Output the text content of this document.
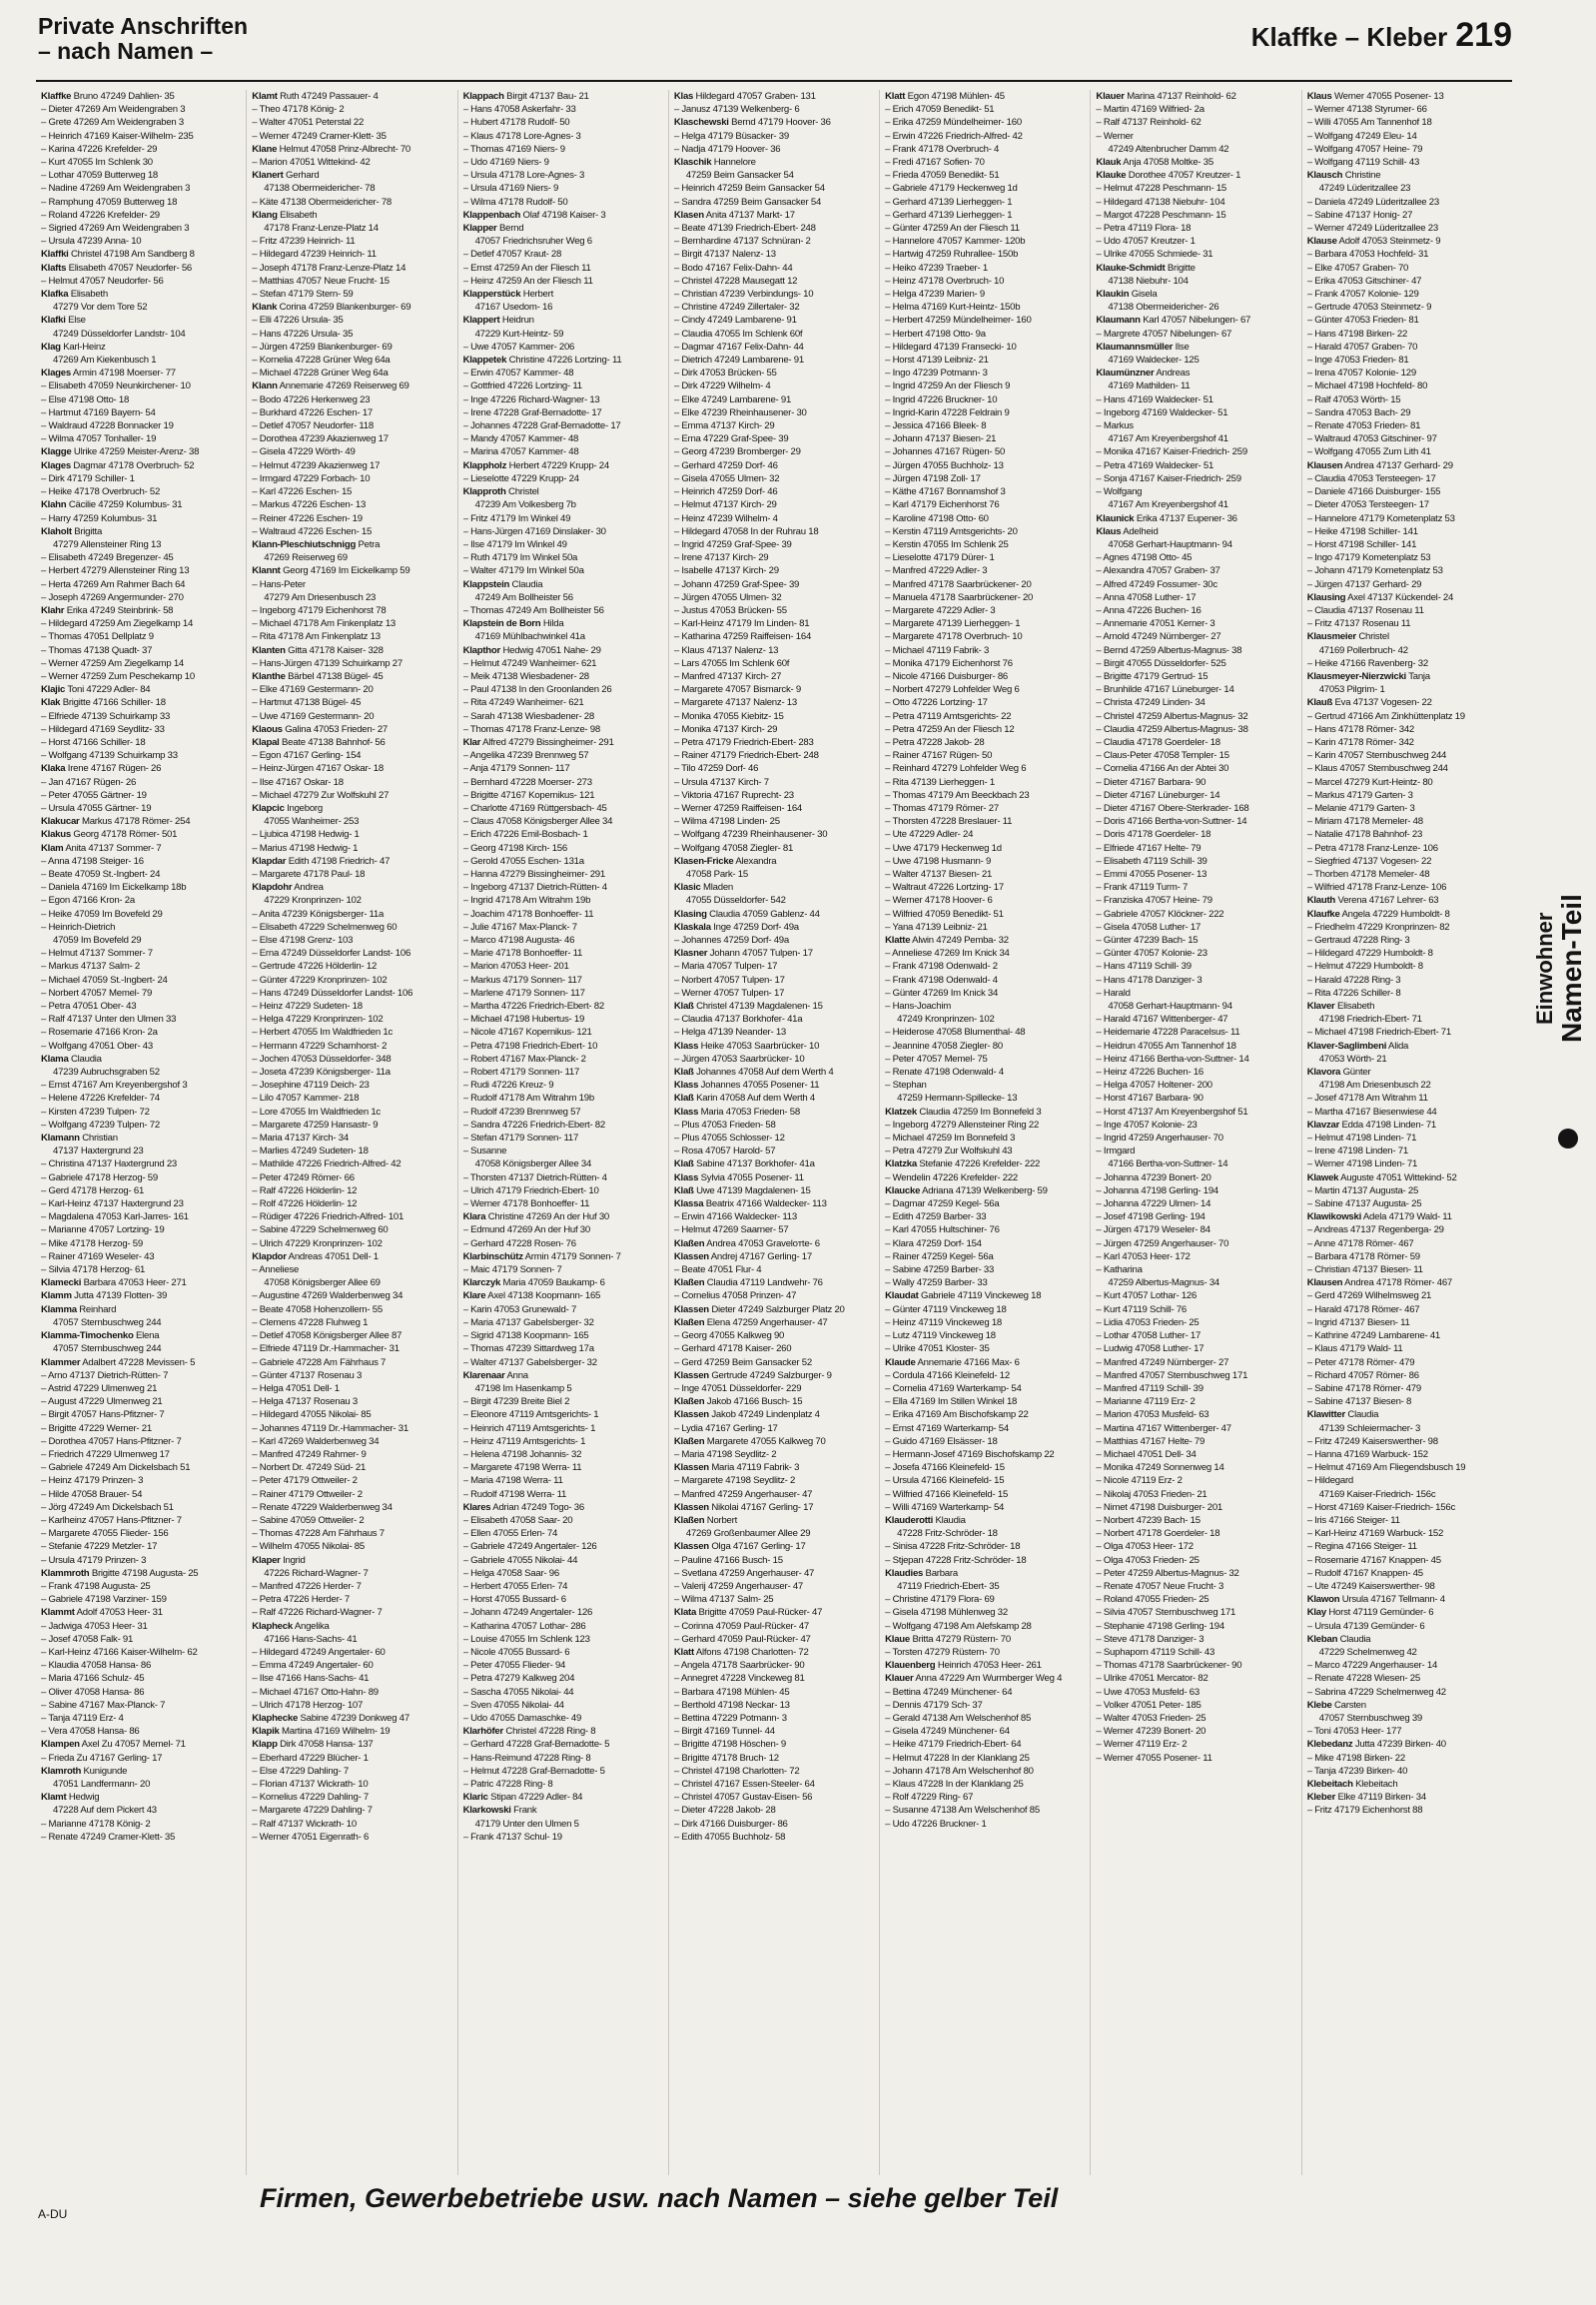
Private Anschriften
– nach Namen –	Klaffke – Kleber 219
Klaffke Bruno 47249 Dahlien- 35
– Dieter 47269 Am Weidengraben 3
– Grete 47269 Am Weidengraben 3
– Heinrich 47169 Kaiser-Wilhelm- 235
– Karina 47226 Krefelder- 29
– Kurt 47055 Im Schlenk 30
– Lothar 47059 Butterweg 18
– Nadine 47269 Am Weidengraben 3
– Ramphung 47059 Butterweg 18
– Roland 47226 Krefelder- 29
– Sigried 47269 Am Weidengraben 3
– Ursula 47239 Anna- 10
Klaffki Christel 47198 Am Sandberg 8
Klafts Elisabeth 47057 Neudorfer- 56
– Helmut 47057 Neudorfer- 56
Klafka Elisabeth
47279 Vor dem Tore 52
Klafki Else
47249 Düsseldorfer Landstr- 104
Klag Karl-Heinz
47269 Am Kiekenbusch 1
Klages Armin 47198 Moerser- 77
– Elisabeth 47059 Neunkirchener- 10
– Else 47198 Otto- 18
– Hartmut 47169 Bayern- 54
– Waldraud 47228 Bonnacker 19
– Wilma 47057 Tonhaller- 19
Klagge Ulrike 47259 Meister-Arenz- 38
Klages Dagmar 47178 Overbruch- 52
– Dirk 47179 Schiller- 1
– Heike 47178 Overbruch- 52
Klahn Cäcilie 47259 Kolumbus- 31
– Harry 47259 Kolumbus- 31
Klaholt Brigitta
47279 Allensteiner Ring 13
– Elisabeth 47249 Bregenzer- 45
– Herbert 47279 Allensteiner Ring 13
– Herta 47269 Am Rahmer Bach 64
– Joseph 47269 Angermunder- 270
Klahr Erika 47249 Steinbrink- 58
– Hildegard 47259 Am Ziegelkamp 14
– Thomas 47051 Dellplatz 9
– Thomas 47138 Quadt- 37
– Werner 47259 Am Ziegelkamp 14
– Werner 47259 Zum Peschekamp 10
Klajic Toni 47229 Adler- 84
Klak Brigitte 47166 Schiller- 18
– Elfriede 47139 Schuirkamp 33
– Hildegard 47169 Seydlitz- 33
– Horst 47166 Schiller- 18
– Wolfgang 47139 Schuirkamp 33
Klaka Irene 47167 Rügen- 26
– Jan 47167 Rügen- 26
– Peter 47055 Gärtner- 19
– Ursula 47055 Gärtner- 19
Klakucar Markus 47178 Römer- 254
Klakus Georg 47178 Römer- 501
Klam Anita 47137 Sommer- 7
– Anna 47198 Steiger- 16
– Beate 47059 St.-Ingbert- 24
– Daniela 47169 Im Eickelkamp 18b
– Egon 47166 Kron- 2a
– Heike 47059 Im Bovefeld 29
– Heinrich-Dietrich
47059 Im Bovefeld 29
– Helmut 47137 Sommer- 7
– Markus 47137 Salm- 2
– Michael 47059 St.-Ingbert- 24
– Norbert 47057 Memel- 79
– Petra 47051 Ober- 43
– Ralf 47137 Unter den Ulmen 33
– Rosemarie 47166 Kron- 2a
– Wolfgang 47051 Ober- 43
Klama Claudia
47239 Aubruchsgraben 52
– Ernst 47167 Am Kreyenbergshof 3
– Helene 47226 Krefelder- 74
– Kirsten 47239 Tulpen- 72
– Wolfgang 47239 Tulpen- 72
Klamann Christian
47137 Haxtergrund 23
– Christina 47137 Haxtergrund 23
– Gabriele 47178 Herzog- 59
– Gerd 47178 Herzog- 61
– Karl-Heinz 47137 Haxtergrund 23
– Magdalena 47053 Karl-Jarres- 161
– Marianne 47057 Lortzing- 19
– Mike 47178 Herzog- 59
– Rainer 47169 Weseler- 43
– Silvia 47178 Herzog- 61
Klamecki Barbara 47053 Heer- 271
Klamm Jutta 47139 Flotten- 39
Klamma Reinhard
47057 Sternbuschweg 244
Klamma-Timochenko Elena
47057 Sternbuschweg 244
Klammer Adalbert 47228 Mevissen- 5
– Arno 47137 Dietrich-Rütten- 7
– Astrid 47229 Ulmenweg 21
– August 47229 Ulmenweg 21
– Birgit 47057 Hans-Pfitzner- 7
– Brigitte 47229 Werner- 21
– Dorothea 47057 Hans-Pfitzner- 7
– Friedrich 47229 Ulmenweg 17
– Gabriele 47249 Am Dickelsbach 51
– Heinz 47179 Prinzen- 3
– Hilde 47058 Brauer- 54
– Jörg 47249 Am Dickelsbach 51
– Karlheinz 47057 Hans-Pfitzner- 7
– Margarete 47055 Flieder- 156
– Stefanie 47229 Metzler- 17
– Ursula 47179 Prinzen- 3
Klammroth Brigitte 47198 Augusta- 25
– Frank 47198 Augusta- 25
– Gabriele 47198 Varziner- 159
Klammt Adolf 47053 Heer- 31
– Jadwiga 47053 Heer- 31
– Josef 47058 Falk- 91
– Karl-Heinz 47166 Kaiser-Wilhelm- 62
– Klaudia 47058 Hansa- 86
– Maria 47166 Schulz- 45
– Oliver 47058 Hansa- 86
– Sabine 47167 Max-Planck- 7
– Tanja 47119 Erz- 4
– Vera 47058 Hansa- 86
Klampen Axel Zu 47057 Memel- 71
– Frieda Zu 47167 Gerling- 17
Klamroth Kunigunde
47051 Landfermann- 20
Klamt Hedwig
47228 Auf dem Pickert 43
– Marianne 47178 König- 2
– Renate 47249 Cramer-Klett- 35
Klamt Ruth 47249 Passauer- 4
– Theo 47178 König- 2
– Walter 47051 Peterstal 22
– Werner 47249 Cramer-Klett- 35
Klane Helmut 47058 Prinz-Albrecht- 70
– Marion 47051 Wittekind- 42
Klanert Gerhard
47138 Obermeidericher- 78
– Käte 47138 Obermeidericher- 78
Klang Elisabeth
47178 Franz-Lenze-Platz 14
– Fritz 47239 Heinrich- 11
– Hildegard 47239 Heinrich- 11
– Joseph 47178 Franz-Lenze-Platz 14
– Matthias 47057 Neue Frucht- 15
– Stefan 47179 Stern- 59
Klank Corina 47259 Blankenburger- 69
– Elli 47226 Ursula- 35
– Hans 47226 Ursula- 35
– Jürgen 47259 Blankenburger- 69
– Kornelia 47228 Grüner Weg 64a
– Michael 47228 Grüner Weg 64a
Klann Annemarie 47269 Reiserweg 69
– Bodo 47226 Herkenweg 23
– Burkhard 47226 Eschen- 17
– Detlef 47057 Neudorfer- 118
– Dorothea 47239 Akazienweg 17
– Gisela 47229 Wörth- 49
– Helmut 47239 Akazienweg 17
– Irmgard 47229 Forbach- 10
– Karl 47226 Eschen- 15
– Markus 47226 Eschen- 13
– Reiner 47226 Eschen- 19
– Waltraud 47226 Eschen- 15
Klann-Pleschiutschnigg Petra
47269 Reiserweg 69
Klannt Georg 47169 Im Eickelkamp 59
– Hans-Peter
47279 Am Driesenbusch 23
– Ingeborg 47179 Eichenhorst 78
– Michael 47178 Am Finkenplatz 13
– Rita 47178 Am Finkenplatz 13
Klanten Gitta 47178 Kaiser- 328
– Hans-Jürgen 47139 Schuirkamp 27
Klanthe Bärbel 47138 Bügel- 45
– Elke 47169 Gestermann- 20
– Hartmut 47138 Bügel- 45
– Uwe 47169 Gestermann- 20
Klaous Galina 47053 Frieden- 27
Klapal Beate 47138 Bahnhof- 56
– Egon 47167 Gerling- 154
– Heinz-Jürgen 47167 Oskar- 18
– Ilse 47167 Oskar- 18
– Michael 47279 Zur Wolfskuhl 27
Klapcic Ingeborg
47055 Wanheimer- 253
– Ljubica 47198 Hedwig- 1
– Marius 47198 Hedwig- 1
Klapdar Edith 47198 Friedrich- 47
– Margarete 47178 Paul- 18
Klapdohr Andrea
47229 Kronprinzen- 102
– Anita 47239 Königsberger- 11a
– Elisabeth 47229 Schelmenweg 60
– Else 47198 Grenz- 103
– Erna 47249 Düsseldorfer Landst- 106
– Gertrude 47226 Hölderlin- 12
– Günter 47229 Kronprinzen- 102
– Hans 47249 Düsseldorfer Landst- 106
– Heinz 47229 Sudeten- 18
– Helga 47229 Kronprinzen- 102
– Herbert 47055 Im Waldfrieden 1c
– Hermann 47229 Scharnhorst- 2
– Jochen 47053 Düsseldorfer- 348
– Joseta 47239 Königsberger- 11a
– Josephine 47119 Deich- 23
– Lilo 47057 Kammer- 218
– Lore 47055 Im Waldfrieden 1c
– Margarete 47259 Hansastr- 9
– Maria 47137 Kirch- 34
– Marlies 47249 Sudeten- 18
– Mathilde 47226 Friedrich-Alfred- 42
– Peter 47249 Römer- 66
– Ralf 47226 Hölderlin- 12
– Rolf 47226 Hölderlin- 12
– Rüdiger 47226 Friedrich-Alfred- 101
– Sabine 47229 Schelmenweg 60
– Ulrich 47229 Kronprinzen- 102
Klapdor Andreas 47051 Dell- 1
– Anneliese
47058 Königsberger Allee 69
– Augustine 47269 Walderbenweg 34
– Beate 47058 Hohenzollern- 55
– Clemens 47228 Fluhweg 1
– Detlef 47058 Königsberger Allee 87
– Elfriede 47119 Dr.-Hammacher- 31
– Gabriele 47228 Am Fährhaus 7
– Günter 47137 Rosenau 3
– Helga 47051 Dell- 1
– Helga 47137 Rosenau 3
– Hildegard 47055 Nikolai- 85
– Johannes 47119 Dr.-Hammacher- 31
– Karl 47269 Walderbenweg 34
– Manfred 47249 Rahmer- 9
– Norbert Dr. 47249 Süd- 21
– Peter 47179 Ottweiler- 2
– Rainer 47179 Ottweiler- 2
– Renate 47229 Walderbenweg 34
– Sabine 47059 Ottweiler- 2
– Thomas 47228 Am Fährhaus 7
– Wilhelm 47055 Nikolai- 85
Klaper Ingrid
47226 Richard-Wagner- 7
– Manfred 47226 Herder- 7
– Petra 47226 Herder- 7
– Ralf 47226 Richard-Wagner- 7
Klapheck Angelika
47166 Hans-Sachs- 41
– Hildegard 47249 Angertaler- 60
– Emma 47249 Angertaler- 60
– Ilse 47166 Hans-Sachs- 41
– Michael 47167 Otto-Hahn- 89
– Ulrich 47178 Herzog- 107
Klapheckе Sabine 47239 Donkweg 47
Klapik Martina 47169 Wilhelm- 19
Klapp Dirk 47058 Hansa- 137
– Eberhard 47229 Blücher- 1
– Else 47229 Dahling- 7
– Florian 47137 Wickrath- 10
– Kornelius 47229 Dahling- 7
– Margarete 47229 Dahling- 7
– Ralf 47137 Wickrath- 10
– Werner 47051 Eigenrath- 6
Klappach Birgit 47137 Bau- 21
– Hans 47058 Askerfahr- 33
– Hubert 47178 Rudolf- 50
– Klaus 47178 Lore-Agnes- 3
– Thomas 47169 Niers- 9
– Udo 47169 Niers- 9
– Ursula 47178 Lore-Agnes- 3
– Ursula 47169 Niers- 9
– Wilma 47178 Rudolf- 50
Klappenbach Olaf 47198 Kaiser- 3
Klapper Bernd
47057 Friedrichsruher Weg 6
– Detlef 47057 Kraut- 28
– Ernst 47259 An der Fliesch 11
– Heinz 47259 An der Fliesch 11
Klapperstück Herbert
47167 Usedom- 16
Klappert Heidrun
47229 Kurt-Heintz- 59
– Uwe 47057 Kammer- 206
Klappetek Christine 47226 Lortzing- 11
– Erwin 47057 Kammer- 48
– Gottfried 47226 Lortzing- 11
– Inge 47226 Richard-Wagner- 13
– Irene 47228 Graf-Bernadotte- 17
– Johannes 47228 Graf-Bernadotte- 17
– Mandy 47057 Kammer- 48
– Marina 47057 Kammer- 48
Klappholz Herbert 47229 Krupp- 24
– Lieselotte 47229 Krupp- 24
Klapproth Christel
47239 Am Volkesberg 7b
– Fritz 47179 Im Winkel 49
– Hans-Jürgen 47169 Dinslaker- 30
– Ilse 47179 Im Winkel 49
– Ruth 47179 Im Winkel 50a
– Walter 47179 Im Winkel 50a
Klappstein Claudia
47249 Am Bollheister 56
– Thomas 47249 Am Bollheister 56
Klapstein de Born Hilda
47169 Mühlbachwinkel 41a
Klapthor Hedwig 47051 Nahe- 29
– Helmut 47249 Wanheimer- 621
– Meik 47138 Wiesbadener- 28
– Paul 47138 In den Groonlanden 26
– Rita 47249 Wanheimer- 621
– Sarah 47138 Wiesbadener- 28
– Thomas 47178 Franz-Lenze- 98
Klar Alfred 47279 Bissingheimer- 291
– Angelika 47239 Brennweg 57
– Anja 47179 Sonnen- 117
– Bernhard 47228 Moerser- 273
– Brigitte 47167 Kopernikus- 121
– Charlotte 47169 Rüttgersbach- 45
– Claus 47058 Königsberger Allee 34
– Erich 47226 Emil-Bosbach- 1
– Georg 47198 Kirch- 156
– Gerold 47055 Eschen- 131a
– Hanna 47279 Bissingheimer- 291
– Ingeborg 47137 Dietrich-Rütten- 4
– Ingrid 47178 Am Witrahm 19b
– Joachim 47178 Bonhoeffer- 11
– Julie 47167 Max-Planck- 7
– Marco 47198 Augusta- 46
– Marie 47178 Bonhoeffer- 11
– Marion 47053 Heer- 201
– Markus 47179 Sonnen- 117
– Marlene 47179 Sonnen- 117
– Martha 47226 Friedrich-Ebert- 82
– Michael 47198 Hubertus- 19
– Nicole 47167 Kopernikus- 121
– Petra 47198 Friedrich-Ebert- 10
– Robert 47167 Max-Planck- 2
– Robert 47179 Sonnen- 117
– Rudi 47226 Kreuz- 9
– Rudolf 47178 Am Witrahm 19b
– Rudolf 47239 Brennweg 57
– Sandra 47226 Friedrich-Ebert- 82
– Stefan 47179 Sonnen- 117
– Susanne
47058 Königsberger Allee 34
– Thorsten 47137 Dietrich-Rütten- 4
– Ulrich 47179 Friedrich-Ebert- 10
– Werner 47178 Bonhoeffer- 11
Klara Christine 47269 An der Huf 30
– Edmund 47269 An der Huf 30
– Gerhard 47228 Rosen- 76
Klarbinschütz Armin 47179 Sonnen- 7
– Maic 47179 Sonnen- 7
Klarczyk Maria 47059 Baukamp- 6
Klare Axel 47138 Koopmann- 165
– Karin 47053 Grunewald- 7
– Maria 47137 Gabelsberger- 32
– Sigrid 47138 Koopmann- 165
– Thomas 47239 Sittardweg 17a
– Walter 47137 Gabelsberger- 32
Klarenaar Anna
47198 Im Hasenkamp 5
– Birgit 47239 Breite Biel 2
– Eleonore 47119 Amtsgerichts- 1
– Heinrich 47119 Amtsgerichts- 1
– Heinz 47119 Amtsgerichts- 1
– Helena 47198 Johannis- 32
– Margarete 47198 Werra- 11
– Maria 47198 Werra- 11
– Rudolf 47198 Werra- 11
Klares Adrian 47249 Togo- 36
– Elisabeth 47058 Saar- 20
– Ellen 47055 Erlen- 74
– Gabriele 47249 Angertaler- 126
– Gabriele 47055 Nikolai- 44
– Helga 47058 Saar- 96
– Herbert 47055 Erlen- 74
– Horst 47055 Bussard- 6
– Johann 47249 Angertaler- 126
– Katharina 47057 Lothar- 286
– Louise 47055 Im Schlenk 123
– Nicole 47055 Bussard- 6
– Peter 47055 Flieder- 94
– Petra 47279 Kalkweg 204
– Sascha 47055 Nikolai- 44
– Sven 47055 Nikolai- 44
– Udo 47055 Damaschke- 49
Klarhöfer Christel 47228 Ring- 8
– Gerhard 47228 Graf-Bernadotte- 5
– Hans-Reimund 47228 Ring- 8
– Helmut 47228 Graf-Bernadotte- 5
– Patric 47228 Ring- 8
Klaric Stipan 47229 Adler- 84
Klarkowski Frank
47179 Unter den Ulmen 5
– Frank 47137 Schul- 19
Klas Hildegard 47057 Graben- 131
– Janusz 47139 Welkenberg- 6
Klaschewski Bernd 47179 Hoover- 36
– Helga 47179 Büsacker- 39
– Nadja 47179 Hoover- 36
Klaschik Hannelore
47259 Beim Gansacker 54
– Heinrich 47259 Beim Gansacker 54
– Sandra 47259 Beim Gansacker 54
Klasen Anita 47137 Markt- 17
– Beate 47139 Friedrich-Ebert- 248
– Bernhardine 47137 Schnüran- 2
– Birgit 47137 Nalenz- 13
– Bodo 47167 Felix-Dahn- 44
– Christel 47228 Mausegatt 12
– Christian 47239 Verbindungs- 10
– Christine 47249 Zillertaler- 32
– Cindy 47249 Lambarene- 91
– Claudia 47055 Im Schlenk 60f
– Dagmar 47167 Felix-Dahn- 44
– Dietrich 47249 Lambarene- 91
– Dirk 47053 Brücken- 55
– Dirk 47229 Wilhelm- 4
– Elke 47249 Lambarene- 91
– Elke 47239 Rheinhausener- 30
– Emma 47137 Kirch- 29
– Erna 47229 Graf-Spee- 39
– Georg 47239 Bromberger- 29
– Gerhard 47259 Dorf- 46
– Gisela 47055 Ulmen- 32
– Heinrich 47259 Dorf- 46
– Helmut 47137 Kirch- 29
– Heinz 47239 Wilhelm- 4
– Hildegard 47058 In der Ruhrau 18
– Ingrid 47259 Graf-Spee- 39
– Irene 47137 Kirch- 29
– Isabelle 47137 Kirch- 29
– Johann 47259 Graf-Spee- 39
– Jürgen 47055 Ulmen- 32
– Justus 47053 Brücken- 55
– Karl-Heinz 47179 Im Linden- 81
– Katharina 47259 Raiffeisen- 164
– Klaus 47137 Nalenz- 13
– Lars 47055 Im Schlenk 60f
– Manfred 47137 Kirch- 27
– Margarete 47057 Bismarck- 9
– Margarete 47137 Nalenz- 13
– Monika 47055 Kiebitz- 15
– Monika 47137 Kirch- 29
– Petra 47179 Friedrich-Ebert- 283
– Rainer 47179 Friedrich-Ebert- 248
– Tilo 47259 Dorf- 46
– Ursula 47137 Kirch- 7
– Viktoria 47167 Ruprecht- 23
– Werner 47259 Raiffeisen- 164
– Wilma 47198 Linden- 25
– Wolfgang 47239 Rheinhausener- 30
– Wolfgang 47058 Ziegler- 81
Klasen-Fricke Alexandra
47058 Park- 15
Klasic Mladen
47055 Düsseldorfer- 542
Klasing Claudia 47059 Gablenz- 44
Klaskala Inge 47259 Dorf- 49a
– Johannes 47259 Dorf- 49a
Klasner Johann 47057 Tulpen- 17
– Maria 47057 Tulpen- 17
– Norbert 47057 Tulpen- 17
– Werner 47057 Tulpen- 17
Klaß Christel 47139 Magdalenen- 15
– Claudia 47137 Borkhofer- 41a
– Helga 47139 Neander- 13
Klass Heike 47053 Saarbrücker- 10
– Jürgen 47053 Saarbrücker- 10
Klaß Johannes 47058 Auf dem Werth 4
Klass Johannes 47055 Posener- 11
Klaß Karin 47058 Auf dem Werth 4
Klass Maria 47053 Frieden- 58
– Plus 47053 Frieden- 58
– Plus 47055 Schlosser- 12
– Rosa 47057 Harold- 57
Klaß Sabine 47137 Borkhofer- 41a
Klass Sylvia 47055 Posener- 11
Klaß Uwe 47139 Magdalenen- 15
Klassa Beatrix 47166 Waldecker- 113
– Erwin 47166 Waldecker- 113
– Helmut 47269 Saarner- 57
Klaßen Andrea 47053 Graveloтte- 6
Klassen Andrej 47167 Gerling- 17
– Beate 47051 Flur- 4
Klaßen Claudia 47119 Landwehr- 76
– Cornelius 47058 Prinzen- 47
Klassen Dieter 47249 Salzburger Platz 20
Klaßen Elena 47259 Angerhauser- 47
– Georg 47055 Kalkweg 90
– Gerhard 47178 Kaiser- 260
– Gerd 47259 Beim Gansacker 52
Klassen Gertrude 47249 Salzburger- 9
– Inge 47051 Düsseldorfer- 229
Klaßen Jakob 47166 Busch- 15
Klassen Jakob 47249 Lindenplatz 4
– Lydia 47167 Gerling- 17
Klaßen Margarete 47055 Kalkweg 70
– Maria 47198 Seydlitz- 2
Klassen Maria 47119 Fabrik- 3
– Margarete 47198 Seydlitz- 2
– Manfred 47259 Angerhauser- 47
Klassen Nikolai 47167 Gerling- 17
Klaßen Norbert
47269 Großenbaumer Allee 29
Klassen Olga 47167 Gerling- 17
– Pauline 47166 Busch- 15
– Svetlana 47259 Angerhauser- 47
– Valerij 47259 Angerhauser- 47
– Wilma 47137 Salm- 25
Klata Brigitte 47059 Paul-Rücker- 47
– Corinna 47059 Paul-Rücker- 47
– Gerhard 47059 Paul-Rücker- 47
Klatt Alfons 47198 Charlotten- 72
– Angela 47178 Saarbrücker- 90
– Annegret 47228 Vinckeweg 81
– Barbara 47198 Mühlen- 45
– Berthold 47198 Neckar- 13
– Bettina 47229 Potmann- 3
– Birgit 47169 Tunnel- 44
– Brigitte 47198 Höschen- 9
– Brigitte 47178 Bruch- 12
– Christel 47198 Charlotten- 72
– Christel 47167 Essen-Steeler- 64
– Christel 47057 Gustav-Eisen- 56
– Dieter 47228 Jakob- 28
– Dirk 47166 Duisburger- 86
– Edith 47055 Buchholz- 58
Klatt Egon 47198 Mühlen- 45
– Erich 47059 Benedikt- 51
– Erika 47259 Mündelheimer- 160
– Erwin 47226 Friedrich-Alfred- 42
– Frank 47178 Overbruch- 4
– Fredi 47167 Sofien- 70
– Frieda 47059 Benedikt- 51
– Gabriele 47179 Heckenweg 1d
– Gerhard 47139 Lierheggen- 1
– Gerhard 47139 Lierheggen- 1
– Günter 47259 An der Fliesch 11
– Hannelore 47057 Kammer- 120b
– Hartwig 47259 Ruhrallee- 150b
– Heiko 47239 Traeber- 1
– Heinz 47178 Overbruch- 10
– Helga 47239 Marien- 9
– Helma 47169 Kurt-Heintz- 150b
– Herbert 47259 Mündelheimer- 160
– Herbert 47198 Otto- 9a
– Hildegard 47139 Fransecki- 10
– Horst 47139 Leibniz- 21
– Ingo 47239 Potmann- 3
– Ingrid 47259 An der Fliesch 9
– Ingrid 47226 Bruckner- 10
– Ingrid-Karin 47228 Feldrain 9
– Jessica 47166 Bleek- 8
– Johann 47137 Biesen- 21
– Johannes 47167 Rügen- 50
– Jürgen 47055 Buchholz- 13
– Jürgen 47198 Zoll- 17
– Käthe 47167 Bonnamshof 3
– Karl 47179 Eichenhorst 76
– Karoline 47198 Otto- 60
– Kerstin 47119 Amtsgerichts- 20
– Kerstin 47055 Im Schlenk 25
– Lieselotte 47179 Dürer- 1
– Manfred 47229 Adler- 3
– Manfred 47178 Saarbrückener- 20
– Manuela 47178 Saarbrückener- 20
– Margarete 47229 Adler- 3
– Margarete 47139 Lierheggen- 1
– Margarete 47178 Overbruch- 10
– Michael 47119 Fabrik- 3
– Monika 47179 Eichenhorst 76
– Nicole 47166 Duisburger- 86
– Norbert 47279 Lohfelder Weg 6
– Otto 47226 Lortzing- 17
– Petra 47119 Amtsgerichts- 22
– Petra 47259 An der Fliesch 12
– Petra 47228 Jakob- 28
– Rainer 47167 Rügen- 50
– Reinhard 47279 Lohfelder Weg 6
– Rita 47139 Lierheggen- 1
– Thomas 47179 Am Beeckbach 23
– Thomas 47179 Römer- 27
– Thorsten 47228 Breslauer- 11
– Ute 47229 Adler- 24
– Uwe 47179 Heckenweg 1d
– Uwe 47198 Husmann- 9
– Walter 47137 Biesen- 21
– Waltraut 47226 Lortzing- 17
– Werner 47178 Hoover- 6
– Wilfried 47059 Benedikt- 51
– Yana 47139 Leibniz- 21
Klatte Alwin 47249 Pemba- 32
– Anneliese 47269 Im Knick 34
– Frank 47198 Odenwald- 2
– Frank 47198 Odenwald- 4
– Günter 47269 Im Knick 34
– Hans-Joachim
47249 Kronprinzen- 102
– Heiderose 47058 Blumenthal- 48
– Jeannine 47058 Ziegler- 80
– Peter 47057 Memel- 75
– Renate 47198 Odenwald- 4
– Stephan
47259 Hermann-Spillecke- 13
Klatzek Claudia 47259 Im Bonnefeld 3
– Ingeborg 47279 Allensteiner Ring 22
– Michael 47259 Im Bonnefeld 3
– Petra 47279 Zur Wolfskuhl 43
Klatzka Stefanie 47226 Krefelder- 222
– Wendelin 47226 Krefelder- 222
Klaucke Adriana 47139 Welkenberg- 59
– Dagmar 47259 Kegel- 56a
– Edith 47259 Barber- 33
– Karl 47055 Hultschiner- 76
– Klara 47259 Dorf- 154
– Rainer 47259 Kegel- 56a
– Sabine 47259 Barber- 33
– Wally 47259 Barber- 33
Klaudat Gabriele 47119 Vinckeweg 18
– Günter 47119 Vinckeweg 18
– Heinz 47119 Vinckeweg 18
– Lutz 47119 Vinckeweg 18
– Ulrike 47051 Kloster- 35
Klaude Annemarie 47166 Max- 6
– Cordula 47166 Kleinefeld- 12
– Cornelia 47169 Warterkamp- 54
– Ella 47169 Im Stillen Winkel 18
– Erika 47169 Am Bischofskamp 22
– Ernst 47169 Warterkamp- 54
– Guido 47169 Elsässer- 18
– Hermann-Josef 47169 Bischofskamp 22
– Josefa 47166 Kleinefeld- 15
– Ursula 47166 Kleinefeld- 15
– Wilfried 47166 Kleinefeld- 15
– Willi 47169 Warterkamp- 54
Klauderotti Klaudia
47228 Fritz-Schröder- 18
– Sinisa 47228 Fritz-Schröder- 18
– Stjepan 47228 Fritz-Schröder- 18
Klaudies Barbara
47119 Friedrich-Ebert- 35
– Christine 47179 Flora- 69
– Gisela 47198 Mühlenweg 32
– Wolfgang 47198 Am Alefskamp 28
Klaue Britta 47279 Rüstern- 70
– Torsten 47279 Rüstern- 70
Klauenberg Heinrich 47053 Heer- 261
Klauer Anna 47229 Am Wurmberger Weg 4
– Bettina 47249 Münchener- 64
– Dennis 47179 Sch- 37
– Gerald 47138 Am Welschenhof 85
– Gisela 47249 Münchener- 64
– Heike 47179 Friedrich-Ebert- 64
– Helmut 47228 In der Klanklang 25
– Johann 47178 Am Welschenhof 80
– Klaus 47228 In der Klanklang 25
– Rolf 47229 Ring- 67
– Susanne 47138 Am Welschenhof 85
– Udo 47226 Bruckner- 1
Klauer Marina 47137 Reinhold- 62
– Martin 47169 Wilfried- 2a
– Ralf 47137 Reinhold- 62
– Werner
47249 Altenbrucher Damm 42
Klauk Anja 47058 Moltke- 35
Klauke Dorothee 47057 Kreutzer- 1
– Helmut 47228 Peschmann- 15
– Hildegard 47138 Niebuhr- 104
– Margot 47228 Peschmann- 15
– Petra 47119 Flora- 18
– Udo 47057 Kreutzer- 1
– Ulrike 47055 Schmiede- 31
Klauke-Schmidt Brigitte
47138 Niebuhr- 104
Klaukin Gisela
47138 Obermeidericher- 26
Klaumann Karl 47057 Nibelungen- 67
– Margrete 47057 Nibelungen- 67
Klaumannsmüller Ilse
47169 Waldecker- 125
Klaumünzner Andreas
47169 Mathilden- 11
– Hans 47169 Waldecker- 51
– Ingeborg 47169 Waldecker- 51
– Markus
47167 Am Kreyenbergshof 41
– Monika 47167 Kaiser-Friedrich- 259
– Petra 47169 Waldecker- 51
– Sonja 47167 Kaiser-Friedrich- 259
– Wolfgang
47167 Am Kreyenbergshof 41
Klaunick Erika 47137 Eupener- 36
Klaus Adelheid
47058 Gerhart-Hauptmann- 94
– Agnes 47198 Otto- 45
– Alexandra 47057 Graben- 37
– Alfred 47249 Fossumer- 30c
– Anna 47058 Luther- 17
– Anna 47226 Buchen- 16
– Annemarie 47051 Kerner- 3
– Arnold 47249 Nürnberger- 27
– Bernd 47259 Albertus-Magnus- 38
– Birgit 47055 Düsseldorfer- 525
– Brigitte 47179 Gertrud- 15
– Brunhilde 47167 Lüneburger- 14
– Christa 47249 Linden- 34
– Christel 47259 Albertus-Magnus- 32
– Claudia 47259 Albertus-Magnus- 38
– Claudia 47178 Goerdeler- 18
– Claus-Peter 47058 Templer- 15
– Cornelia 47166 An der Abtei 30
– Dieter 47167 Barbara- 90
– Dieter 47167 Lüneburger- 14
– Dieter 47167 Obere-Sterkrader- 168
– Doris 47166 Bertha-von-Suttner- 14
– Doris 47178 Goerdeler- 18
– Elfriede 47167 Helte- 79
– Elisabeth 47119 Schill- 39
– Emmi 47055 Posener- 13
– Frank 47119 Turm- 7
– Franziska 47057 Heine- 79
– Gabriele 47057 Klöckner- 222
– Gisela 47058 Luther- 17
– Günter 47239 Bach- 15
– Günter 47057 Kolonie- 23
– Hans 47119 Schill- 39
– Hans 47178 Danziger- 3
– Harald
47058 Gerhart-Hauptmann- 94
– Harald 47167 Wittenberger- 47
– Heidemarie 47228 Paracelsus- 11
– Heidrun 47055 Am Tannenhof 18
– Heinz 47166 Bertha-von-Suttner- 14
– Heinz 47226 Buchen- 16
– Helga 47057 Holtener- 200
– Horst 47167 Barbara- 90
– Horst 47137 Am Kreyenbergshof 51
– Inge 47057 Kolonie- 23
– Ingrid 47259 Angerhauser- 70
– Irmgard
47166 Bertha-von-Suttner- 14
– Johanna 47239 Bonert- 20
– Johanna 47198 Gerling- 194
– Johanna 47229 Ulmen- 14
– Josef 47198 Gerling- 194
– Jürgen 47179 Weseler- 84
– Jürgen 47259 Angerhauser- 70
– Karl 47053 Heer- 172
– Katharina
47259 Albertus-Magnus- 34
– Kurt 47057 Lothar- 126
– Kurt 47119 Schill- 76
– Lidia 47053 Frieden- 25
– Lothar 47058 Luther- 17
– Ludwig 47058 Luther- 17
– Manfred 47249 Nürnberger- 27
– Manfred 47057 Sternbuschweg 171
– Manfred 47119 Schill- 39
– Marianne 47119 Erz- 2
– Marion 47053 Musfeld- 63
– Martina 47167 Wittenberger- 47
– Matthias 47167 Helte- 79
– Michael 47051 Dell- 34
– Monika 47249 Sonnenweg 14
– Nicole 47119 Erz- 2
– Nikolaj 47053 Frieden- 21
– Nimet 47198 Duisburger- 201
– Norbert 47239 Bach- 15
– Norbert 47178 Goerdeler- 18
– Olga 47053 Heer- 172
– Olga 47053 Frieden- 25
– Peter 47259 Albertus-Magnus- 32
– Renate 47057 Neue Frucht- 3
– Roland 47055 Frieden- 25
– Silvia 47057 Sternbuschweg 171
– Stephanie 47198 Gerling- 194
– Steve 47178 Danziger- 3
– Suphaporn 47119 Schill- 43
– Thomas 47178 Saarbrückener- 90
– Ulrike 47051 Mercator- 82
– Uwe 47053 Musfeld- 63
– Volker 47051 Peter- 185
– Walter 47053 Frieden- 25
– Werner 47239 Bonert- 20
– Werner 47119 Erz- 2
– Werner 47055 Posener- 11
Klaus Werner 47055 Posener- 13
– Werner 47138 Styrumer- 66
– Willi 47055 Am Tannenhof 18
– Wolfgang 47249 Eleu- 14
– Wolfgang 47057 Heine- 79
– Wolfgang 47119 Schill- 43
Klausch Christine
47249 Lüderitzallee 23
– Daniela 47249 Lüderitzallee 23
– Sabine 47137 Honig- 27
– Werner 47249 Lüderitzallee 23
Klause Adolf 47053 Steinmetz- 9
– Barbara 47053 Hochfeld- 31
– Elke 47057 Graben- 70
– Erika 47053 Gitschiner- 47
– Frank 47057 Kolonie- 129
– Gertrude 47053 Steinmetz- 9
– Günter 47053 Frieden- 81
– Hans 47198 Birken- 22
– Harald 47057 Graben- 70
– Inge 47053 Frieden- 81
– Irena 47057 Kolonie- 129
– Michael 47198 Hochfeld- 80
– Ralf 47053 Wörth- 15
– Sandra 47053 Bach- 29
– Renate 47053 Frieden- 81
– Waltraud 47053 Gitschiner- 97
– Wolfgang 47055 Zum Lith 41
Klausen Andrea 47137 Gerhard- 29
– Claudia 47053 Tersteegen- 17
– Daniele 47166 Duisburger- 155
– Dieter 47053 Tersteegen- 17
– Hannelore 47179 Kometenplatz 53
– Heike 47198 Schiller- 141
– Horst 47198 Schiller- 141
– Ingo 47179 Kometenplatz 53
– Johann 47179 Kometenplatz 53
– Jürgen 47137 Gerhard- 29
Klausing Axel 47137 Kückendel- 24
– Claudia 47137 Rosenau 11
– Fritz 47137 Rosenau 11
Klausmeier Christel
47169 Pollerbruch- 42
– Heike 47166 Ravenberg- 32
Klausmeyer-Nierzwicki Tanja
47053 Pilgrim- 1
Klauß Eva 47137 Vogesen- 22
– Gertrud 47166 Am Zinkhüttenplatz 19
– Hans 47178 Römer- 342
– Karin 47178 Römer- 342
– Karin 47057 Sternbuschweg 244
– Klaus 47057 Sternbuschweg 244
– Marcel 47279 Kurt-Heintz- 80
– Markus 47179 Garten- 3
– Melanie 47179 Garten- 3
– Miriam 47178 Memeler- 48
– Natalie 47178 Bahnhof- 23
– Petra 47178 Franz-Lenze- 106
– Siegfried 47137 Vogesen- 22
– Thorben 47178 Memeler- 48
– Wilfried 47178 Franz-Lenze- 106
Klauth Verena 47167 Lehrer- 63
Klaufke Angela 47229 Humboldt- 8
– Friedhelm 47229 Kronprinzen- 82
– Gertraud 47228 Ring- 3
– Hildegard 47229 Humboldt- 8
– Helmut 47229 Humboldt- 8
– Harald 47228 Ring- 3
– Rita 47226 Schiller- 8
Klaver Elisabeth
47198 Friedrich-Ebert- 71
– Michael 47198 Friedrich-Ebert- 71
Klaver-Saglimbeni Alida
47053 Wörth- 21
Klavora Günter
47198 Am Driesenbusch 22
– Josef 47178 Am Witrahm 11
– Martha 47167 Biesenwiese 44
Klavzar Edda 47198 Linden- 71
– Helmut 47198 Linden- 71
– Irene 47198 Linden- 71
– Werner 47198 Linden- 71
Klawek Auguste 47051 Wittekind- 52
– Martin 47137 Augusta- 25
– Sabine 47137 Augusta- 25
Klawikowski Adela 47179 Wald- 11
– Andreas 47137 Regenberga- 29
– Anne 47178 Römer- 467
– Barbara 47178 Römer- 59
– Christian 47137 Biesen- 11
Klausen Andrea 47178 Römer- 467
– Gerd 47269 Wilhelmsweg 21
– Harald 47178 Römer- 467
– Ingrid 47137 Biesen- 11
– Kathrine 47249 Lambarene- 41
– Klaus 47179 Wald- 11
– Peter 47178 Römer- 479
– Richard 47057 Römer- 86
– Sabine 47178 Römer- 479
– Sabine 47137 Biesen- 8
Klawitter Claudia
47139 Schleiermacher- 3
– Fritz 47249 Kaiserswerther- 98
– Hanna 47169 Warbuck- 152
– Helmut 47169 Am Fliegendsbusch 19
– Hildegard
47169 Kaiser-Friedrich- 156c
– Horst 47169 Kaiser-Friedrich- 156c
– Iris 47166 Steiger- 11
– Karl-Heinz 47169 Warbuck- 152
– Regina 47166 Steiger- 11
– Rosemarie 47167 Knappen- 45
– Rudolf 47167 Knappen- 45
– Ute 47249 Kaiserswerther- 98
Klawon Ursula 47167 Tellmann- 4
Klay Horst 47119 Gemünder- 6
– Ursula 47139 Gemünder- 6
Kleban Claudia
47229 Schelmenweg 42
– Marco 47229 Angerhauser- 14
– Renate 47228 Wiesen- 25
– Sabrina 47229 Schelmenweg 42
Klebe Carsten
47057 Sternbuschweg 39
– Toni 47053 Heer- 177
Klebedanz Jutta 47239 Birken- 40
– Mike 47198 Birken- 22
– Tanja 47239 Birken- 40
Klebeitach Klebeitach
Kleber Elke 47119 Birken- 34
– Fritz 47179 Eichenhorst 88
Einwohner Namen-Teil
Firmen, Gewerbebetriebe usw. nach Namen – siehe gelber Teil
A-DU
